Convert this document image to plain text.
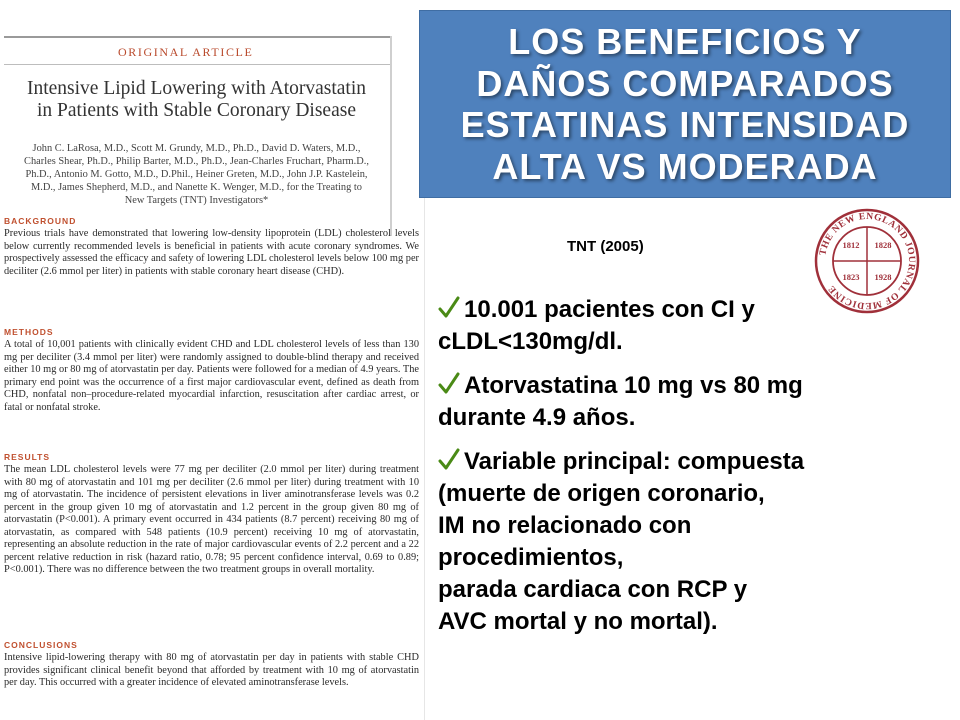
ORIGINAL ARTICLE
Intensive Lipid Lowering with Atorvastatin in Patients with Stable Coronary Disease
John C. LaRosa, M.D., Scott M. Grundy, M.D., Ph.D., David D. Waters, M.D., Charles Shear, Ph.D., Philip Barter, M.D., Ph.D., Jean-Charles Fruchart, Pharm.D., Ph.D., Antonio M. Gotto, M.D., D.Phil., Heiner Greten, M.D., John J.P. Kastelein, M.D., James Shepherd, M.D., and Nanette K. Wenger, M.D., for the Treating to New Targets (TNT) Investigators*
BACKGROUND
Previous trials have demonstrated that lowering low-density lipoprotein (LDL) cholesterol levels below currently recommended levels is beneficial in patients with acute coronary syndromes. We prospectively assessed the efficacy and safety of lowering LDL cholesterol levels below 100 mg per deciliter (2.6 mmol per liter) in patients with stable coronary heart disease (CHD).
METHODS
A total of 10,001 patients with clinically evident CHD and LDL cholesterol levels of less than 130 mg per deciliter (3.4 mmol per liter) were randomly assigned to double-blind therapy and received either 10 mg or 80 mg of atorvastatin per day. Patients were followed for a median of 4.9 years. The primary end point was the occurrence of a first major cardiovascular event, defined as death from CHD, nonfatal non–procedure-related myocardial infarction, resuscitation after cardiac arrest, or fatal or nonfatal stroke.
RESULTS
The mean LDL cholesterol levels were 77 mg per deciliter (2.0 mmol per liter) during treatment with 80 mg of atorvastatin and 101 mg per deciliter (2.6 mmol per liter) during treatment with 10 mg of atorvastatin. The incidence of persistent elevations in liver aminotransferase levels was 0.2 percent in the group given 10 mg of atorvastatin and 1.2 percent in the group given 80 mg of atorvastatin (P<0.001). A primary event occurred in 434 patients (8.7 percent) receiving 80 mg of atorvastatin, as compared with 548 patients (10.9 percent) receiving 10 mg of atorvastatin, representing an absolute reduction in the rate of major cardiovascular events of 2.2 percent and a 22 percent relative reduction in risk (hazard ratio, 0.78; 95 percent confidence interval, 0.69 to 0.89; P<0.001). There was no difference between the two treatment groups in overall mortality.
CONCLUSIONS
Intensive lipid-lowering therapy with 80 mg of atorvastatin per day in patients with stable CHD provides significant clinical benefit beyond that afforded by treatment with 10 mg of atorvastatin per day. This occurred with a greater incidence of elevated aminotransferase levels.
LOS BENEFICIOS Y
DAÑOS COMPARADOS
ESTATINAS INTENSIDAD
ALTA VS MODERADA
TNT (2005)	THE NEW ENGLAND JOURNAL OF MEDICINE
1812 1828
1823 1928
10.001 pacientes con CI y
cLDL<130mg/dl.
Atorvastatina 10 mg vs 80 mg
durante 4.9 años.
Variable principal: compuesta
(muerte de origen coronario,
IM no relacionado con
procedimientos,
parada cardiaca con RCP y
AVC mortal y no mortal).
